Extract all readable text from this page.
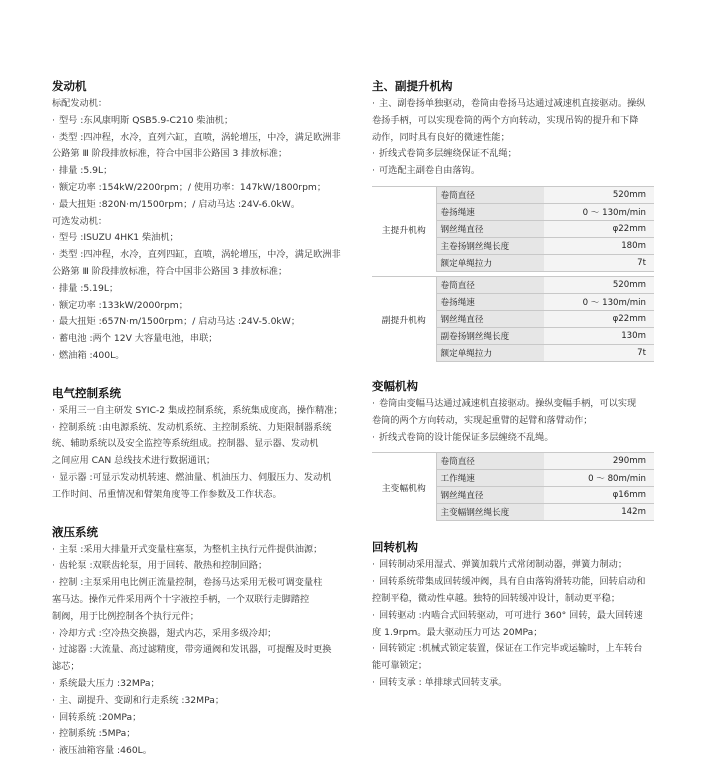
发动机
标配发动机：
· 型号 :东风康明斯 QSB5.9-C210 柴油机；
· 类型 :四冲程，水冷，直列六缸，直喷，涡轮增压，中冷，满足欧洲非
公路第 Ⅲ 阶段排放标准，符合中国非公路国 3 排放标准；
· 排量 :5.9L；
· 额定功率 :154kW/2200rpm；/ 使用功率：147kW/1800rpm；
· 最大扭矩 :820N·m/1500rpm；/ 启动马达 :24V-6.0kW。
可选发动机：
· 型号 :ISUZU 4HK1 柴油机；
· 类型 :四冲程，水冷，直列四缸，直喷，涡轮增压，中冷，满足欧洲非
公路第 Ⅲ 阶段排放标准，符合中国非公路国 3 排放标准；
· 排量 :5.19L；
· 额定功率 :133kW/2000rpm；
· 最大扭矩 :657N·m/1500rpm；/ 启动马达 :24V-5.0kW；
· 蓄电池 :两个 12V 大容量电池，串联；
· 燃油箱 :400L。
电气控制系统
· 采用三一自主研发 SYIC-2 集成控制系统，系统集成度高，操作精准；
· 控制系统 :由电源系统、发动机系统、主控制系统、力矩限制器系统
统、辅助系统以及安全监控等系统组成。控制器、显示器、发动机
之间应用 CAN 总线技术进行数据通讯；
· 显示器 :可显示发动机转速、燃油量、机油压力、伺服压力、发动机
工作时间、吊重情况和臂架角度等工作参数及工作状态。
液压系统
· 主泵 :采用大排量开式变量柱塞泵，为整机主执行元件提供油源；
· 齿轮泵 :双联齿轮泵，用于回转、散热和控制回路；
· 控制 :主泵采用电比例正流量控制，卷扬马达采用无极可调变量柱
塞马达。操作元件采用两个十字液控手柄，一个双联行走脚踏控
制阀，用于比例控制各个执行元件；
· 冷却方式 :空冷热交换器，翅式内芯，采用多级冷却；
· 过滤器 :大流量、高过滤精度，带旁通阀和发讯器，可提醒及时更换
滤芯；
· 系统最大压力 :32MPa；
· 主、副提升、变副和行走系统 :32MPa；
· 回转系统 :20MPa；
· 控制系统 :5MPa；
· 液压油箱容量 :460L。
主、副提升机构
· 主、副卷扬单独驱动，卷筒由卷扬马达通过减速机直接驱动。操纵
卷扬手柄，可以实现卷筒的两个方向转动，实现吊钩的提升和下降
动作，同时具有良好的微速性能；
· 折线式卷筒多层缠绕保证不乱绳；
· 可选配主副卷自由落钩。
主提升机构	卷筒直径	520mm
	卷扬绳速	0 ～ 130m/min
	钢丝绳直径	φ22mm
	主卷扬钢丝绳长度	180m
	额定单绳拉力	7t
副提升机构	卷筒直径	520mm
	卷扬绳速	0 ～ 130m/min
	钢丝绳直径	φ22mm
	副卷扬钢丝绳长度	130m
	额定单绳拉力	7t
变幅机构
· 卷筒由变幅马达通过减速机直接驱动。操纵变幅手柄，可以实现
卷筒的两个方向转动，实现起重臂的起臂和落臂动作；
· 折线式卷筒的设计能保证多层缠绕不乱绳。
主变幅机构	卷筒直径	290mm
	工作绳速	0 ～ 80m/min
	钢丝绳直径	φ16mm
	主变幅钢丝绳长度	142m
回转机构
· 回转制动采用湿式、弹簧加载片式常闭制动器，弹簧力制动；
· 回转系统带集成回转缓冲阀，具有自由落钩滑转功能，回转启动和
控制平稳，微动性卓越。独特的回转缓冲设计，制动更平稳；
· 回转驱动 :内啮合式回转驱动，可可进行 360° 回转，最大回转速
度 1.9rpm。最大驱动压力可达 20MPa；
· 回转锁定 :机械式锁定装置，保证在工作完毕或运输时，上车转台
能可靠锁定；
· 回转支承 : 单排球式回转支承。
